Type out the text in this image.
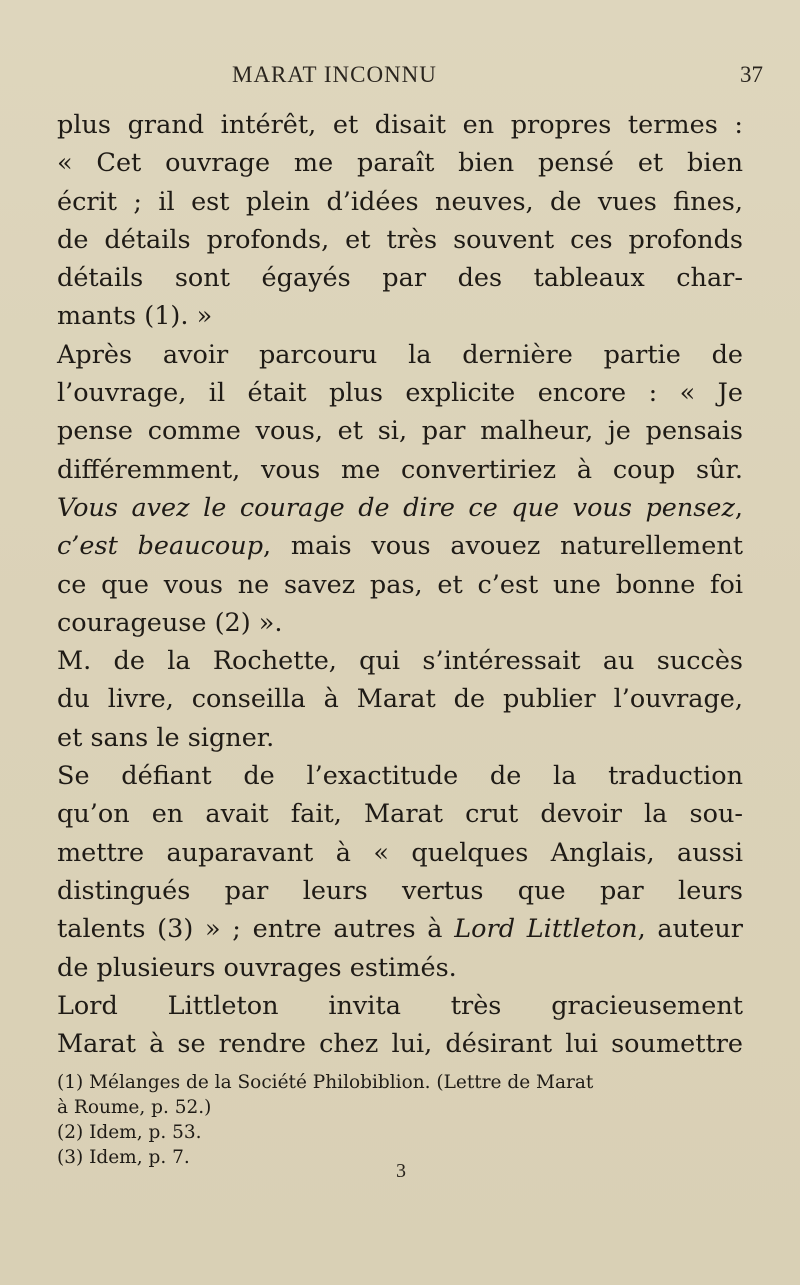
MARAT INCONNU	37

plus grand intérêt, et disait en propres termes :
« Cet ouvrage me paraît bien pensé et bien
écrit ; il est plein d’idées neuves, de vues fines,
de détails profonds, et très souvent ces profonds
détails sont égayés par des tableaux char-
mants (1). »

Après avoir parcouru la dernière partie de
l’ouvrage, il était plus explicite encore : « Je
pense comme vous, et si, par malheur, je pensais
différemment, vous me convertiriez à coup sûr.
Vous avez le courage de dire ce que vous pensez,
c’est beaucoup, mais vous avouez naturellement
ce que vous ne savez pas, et c’est une bonne foi
courageuse (2) ».

M. de la Rochette, qui s’intéressait au succès
du livre, conseilla à Marat de publier l’ouvrage,
et sans le signer.

Se défiant de l’exactitude de la traduction
qu’on en avait fait, Marat crut devoir la sou-
mettre auparavant à « quelques Anglais, aussi
distingués par leurs vertus que par leurs
talents (3) » ; entre autres à Lord Littleton, auteur
de plusieurs ouvrages estimés.

Lord Littleton invita très gracieusement
Marat à se rendre chez lui, désirant lui soumettre

(1) Mélanges de la Société Philobiblion. (Lettre de Marat
à Roume, p. 52.)
(2) Idem, p. 53.
(3) Idem, p. 7.
3
